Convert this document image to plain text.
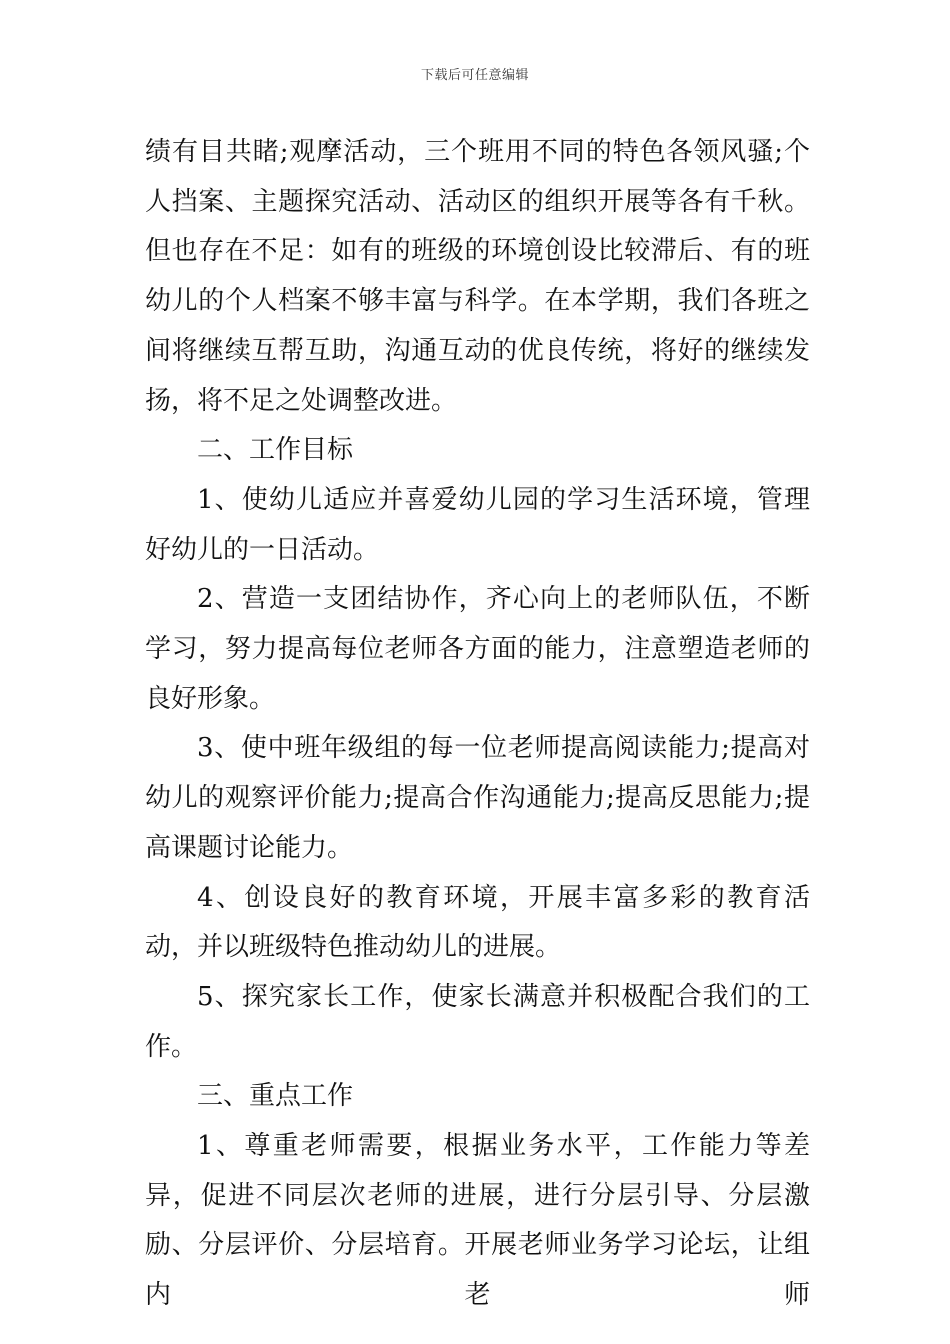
下载后可任意编辑

绩有目共睹;观摩活动，三个班用不同的特色各领风骚;个人挡案、主题探究活动、活动区的组织开展等各有千秋。但也存在不足：如有的班级的环境创设比较滞后、有的班幼儿的个人档案不够丰富与科学。在本学期，我们各班之间将继续互帮互助，沟通互动的优良传统，将好的继续发扬，将不足之处调整改进。

二、工作目标

1、使幼儿适应并喜爱幼儿园的学习生活环境，管理好幼儿的一日活动。

2、营造一支团结协作，齐心向上的老师队伍，不断学习，努力提高每位老师各方面的能力，注意塑造老师的良好形象。

3、使中班年级组的每一位老师提高阅读能力;提高对幼儿的观察评价能力;提高合作沟通能力;提高反思能力;提高课题讨论能力。

4、创设良好的教育环境，开展丰富多彩的教育活动，并以班级特色推动幼儿的进展。

5、探究家长工作，使家长满意并积极配合我们的工作。

三、重点工作

1、尊重老师需要，根据业务水平，工作能力等差异，促进不同层次老师的进展，进行分层引导、分层激励、分层评价、分层培育。开展老师业务学习论坛，让组内老师
